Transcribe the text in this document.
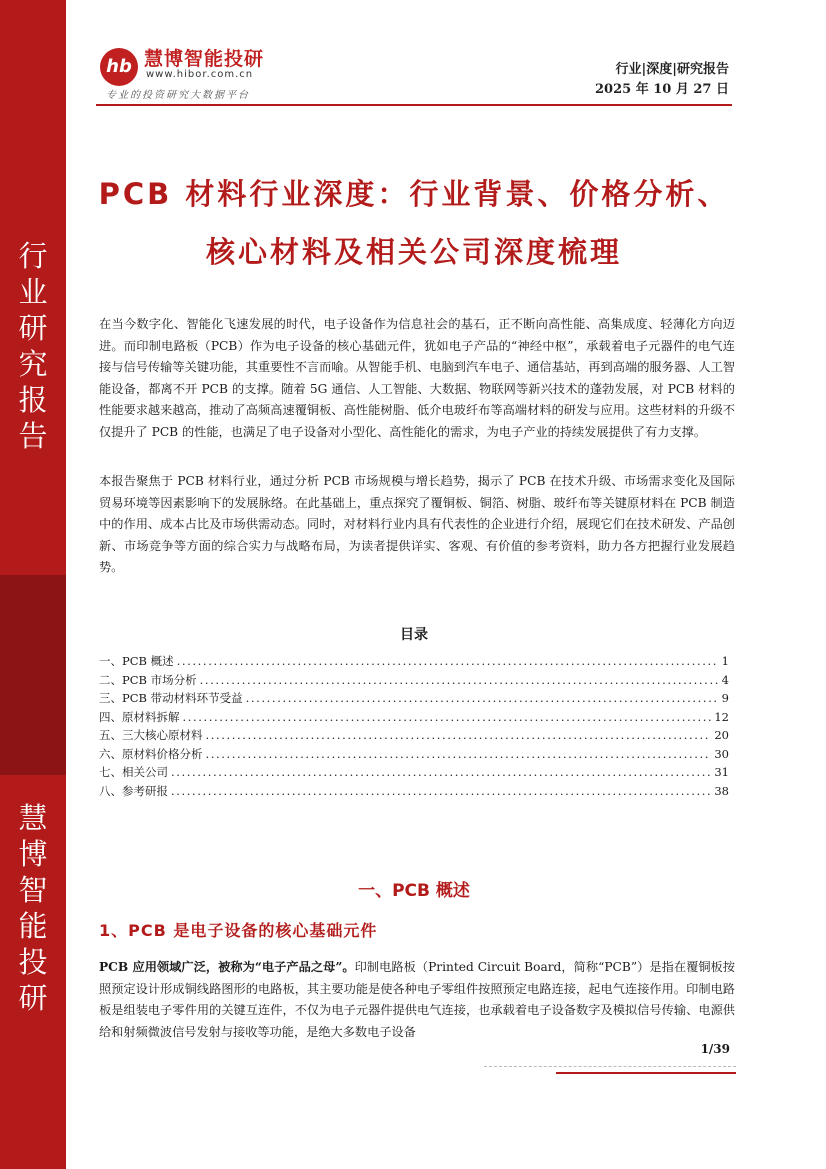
行
业
研
究
报
告
慧
博
智
能
投
研
hb 慧博智能投研
www.hibor.com.cn
专业的投资研究大数据平台
行业|深度|研究报告
2025 年 10 月 27 日
PCB 材料行业深度：行业背景、价格分析、
核心材料及相关公司深度梳理
在当今数字化、智能化飞速发展的时代，电子设备作为信息社会的基石，正不断向高性能、高集成度、轻薄化方向迈进。而印制电路板（PCB）作为电子设备的核心基础元件，犹如电子产品的“神经中枢”，承载着电子元器件的电气连接与信号传输等关键功能，其重要性不言而喻。从智能手机、电脑到汽车电子、通信基站，再到高端的服务器、人工智能设备，都离不开 PCB 的支撑。随着 5G 通信、人工智能、大数据、物联网等新兴技术的蓬勃发展，对 PCB 材料的性能要求越来越高，推动了高频高速覆铜板、高性能树脂、低介电玻纤布等高端材料的研发与应用。这些材料的升级不仅提升了 PCB 的性能，也满足了电子设备对小型化、高性能化的需求，为电子产业的持续发展提供了有力支撑。
本报告聚焦于 PCB 材料行业，通过分析 PCB 市场规模与增长趋势，揭示了 PCB 在技术升级、市场需求变化及国际贸易环境等因素影响下的发展脉络。在此基础上，重点探究了覆铜板、铜箔、树脂、玻纤布等关键原材料在 PCB 制造中的作用、成本占比及市场供需动态。同时，对材料行业内具有代表性的企业进行介绍，展现它们在技术研发、产品创新、市场竞争等方面的综合实力与战略布局，为读者提供详实、客观、有价值的参考资料，助力各方把握行业发展趋势。
目录
一、PCB 概述 .....	1
二、PCB 市场分析 .....	4
三、PCB 带动材料环节受益 .....	9
四、原材料拆解 .....	12
五、三大核心原材料 .....	20
六、原材料价格分析 .....	30
七、相关公司 .....	31
八、参考研报 .....	38
一、PCB 概述
1、PCB 是电子设备的核心基础元件
PCB 应用领域广泛，被称为“电子产品之母”。印制电路板（Printed Circuit Board，简称“PCB”）是指在覆铜板按照预定设计形成铜线路图形的电路板，其主要功能是使各种电子零组件按照预定电路连接，起电气连接作用。印制电路板是组装电子零件用的关键互连件，不仅为电子元器件提供电气连接，也承载着电子设备数字及模拟信号传输、电源供给和射频微波信号发射与接收等功能，是绝大多数电子设备
1/39
